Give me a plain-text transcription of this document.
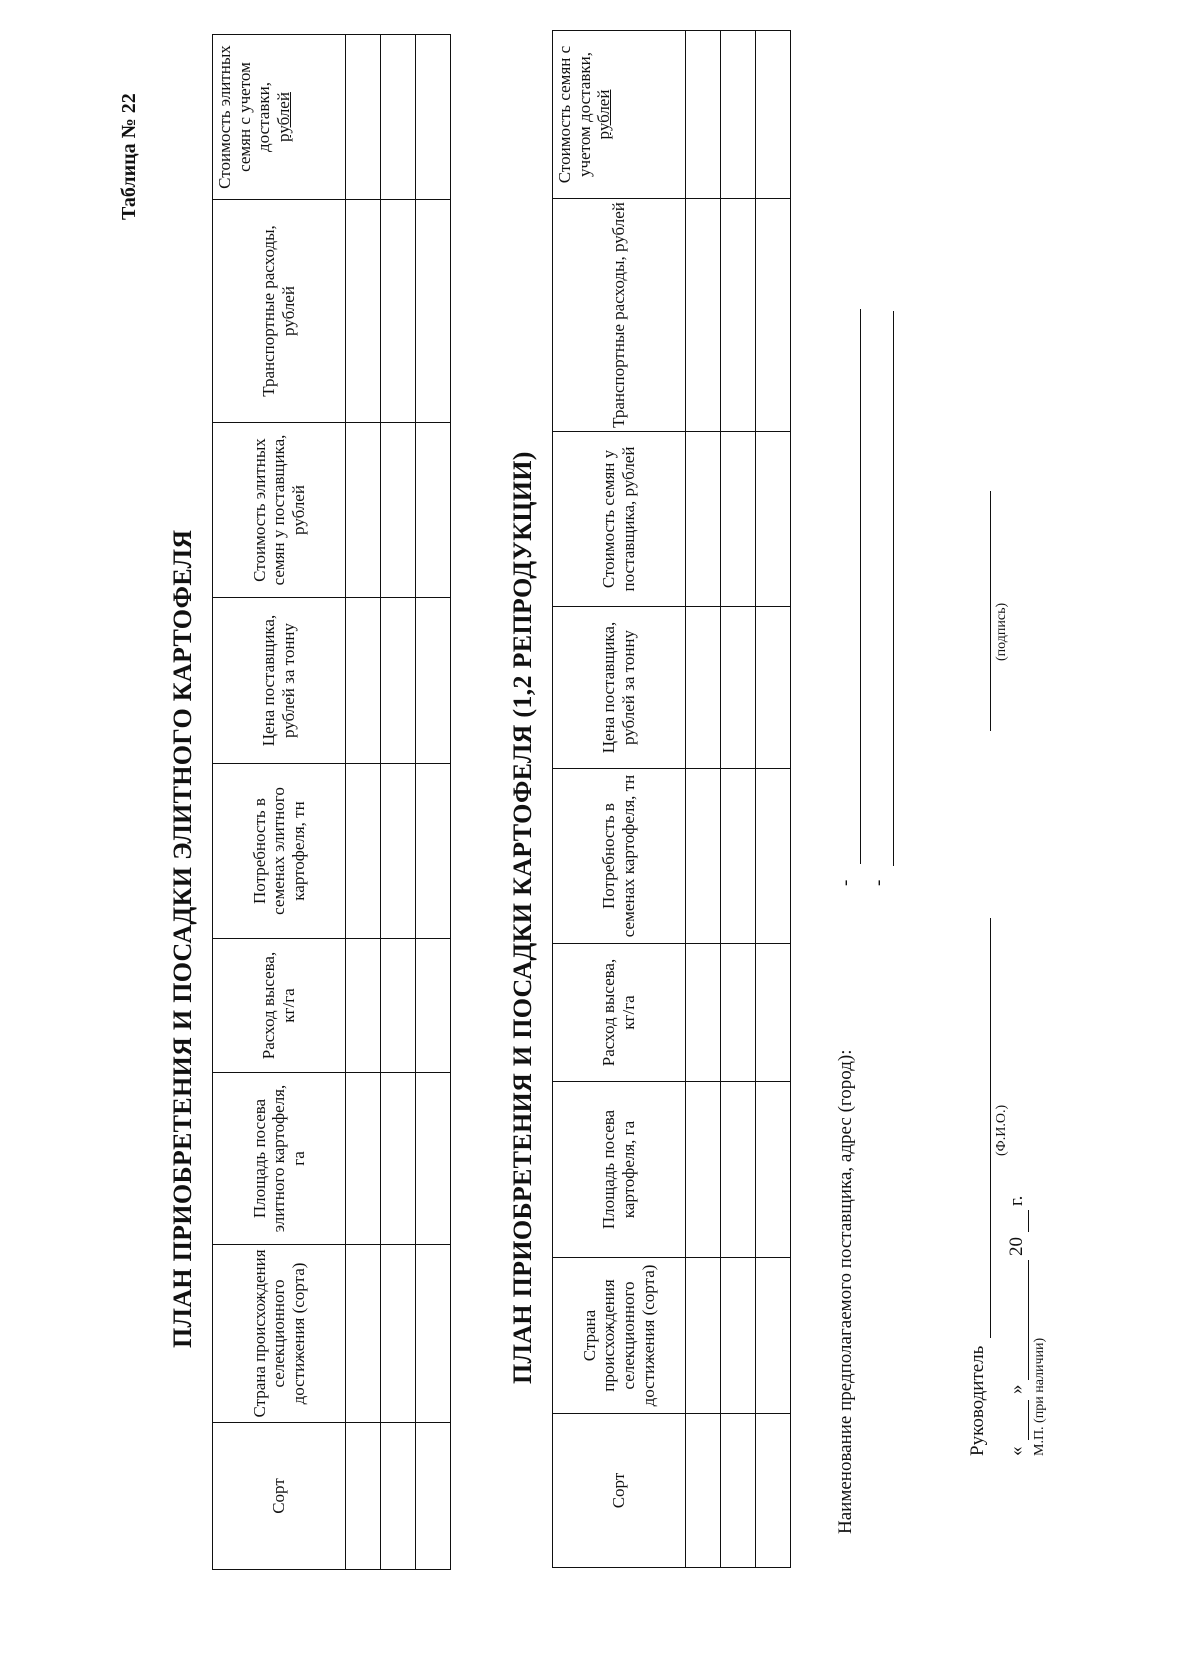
Таблица № 22
ПЛАН ПРИОБРЕТЕНИЯ И ПОСАДКИ ЭЛИТНОГО КАРТОФЕЛЯ
Сорт	Страна происхождения селекционного достижения (сорта)	Площадь посева элитного картофеля, га	Расход высева, кг/га	Потребность в семенах элитного картофеля, тн	Цена поставщика, рублей за тонну	Стоимость элитных семян у поставщика, рублей	Транспортные расходы, рублей	Стоимость элитных семян с учетом доставки,
рублей

ПЛАН ПРИОБРЕТЕНИЯ И ПОСАДКИ КАРТОФЕЛЯ (1,2 РЕПРОДУКЦИИ)
Сорт	Страна происхождения селекционного достижения (сорта)	Площадь посева картофеля, га	Расход высева, кг/га	Потребность в семенах картофеля, тн	Цена поставщика, рублей за тонну	Стоимость семян у поставщика, рублей	Транспортные расходы, рублей	Стоимость семян с учетом доставки,
рублей

Наименование предполагаемого поставщика, адрес (город):
- -
Руководитель
(Ф.И.О.)
(подпись)
«
»
20
г.
М.П. (при наличии)
